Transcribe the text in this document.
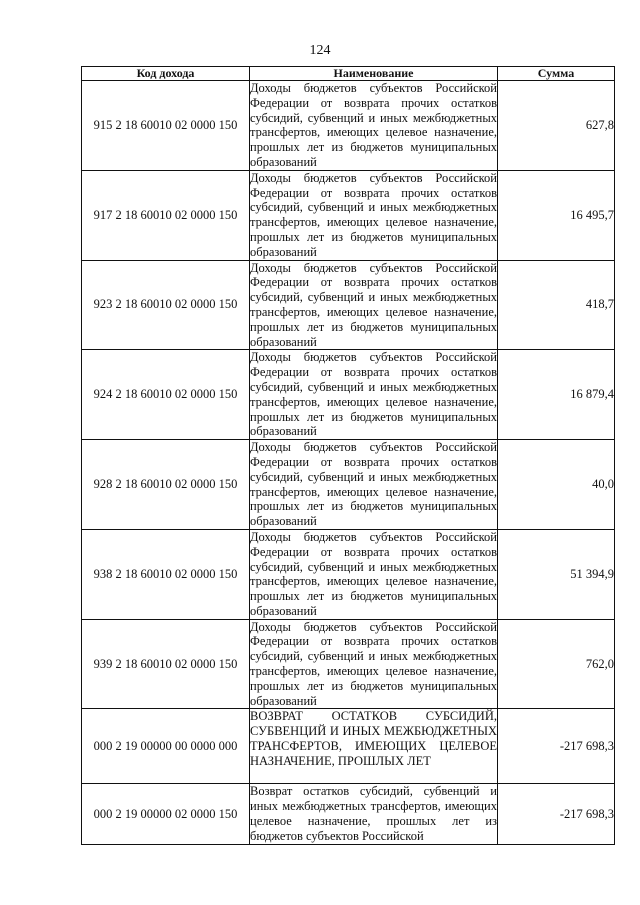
124
Код дохода	Наименование	Сумма
915 2 18 60010 02 0000 150	Доходы бюджетов субъектов Российской Федерации от возврата прочих остатков субсидий, субвенций и иных межбюджетных трансфертов, имеющих целевое назначение, прошлых лет из бюджетов муниципальных образований	627,8
917 2 18 60010 02 0000 150	Доходы бюджетов субъектов Российской Федерации от возврата прочих остатков субсидий, субвенций и иных межбюджетных трансфертов, имеющих целевое назначение, прошлых лет из бюджетов муниципальных образований	16 495,7
923 2 18 60010 02 0000 150	Доходы бюджетов субъектов Российской Федерации от возврата прочих остатков субсидий, субвенций и иных межбюджетных трансфертов, имеющих целевое назначение, прошлых лет из бюджетов муниципальных образований	418,7
924 2 18 60010 02 0000 150	Доходы бюджетов субъектов Российской Федерации от возврата прочих остатков субсидий, субвенций и иных межбюджетных трансфертов, имеющих целевое назначение, прошлых лет из бюджетов муниципальных образований	16 879,4
928 2 18 60010 02 0000 150	Доходы бюджетов субъектов Российской Федерации от возврата прочих остатков субсидий, субвенций и иных межбюджетных трансфертов, имеющих целевое назначение, прошлых лет из бюджетов муниципальных образований	40,0
938 2 18 60010 02 0000 150	Доходы бюджетов субъектов Российской Федерации от возврата прочих остатков субсидий, субвенций и иных межбюджетных трансфертов, имеющих целевое назначение, прошлых лет из бюджетов муниципальных образований	51 394,9
939 2 18 60010 02 0000 150	Доходы бюджетов субъектов Российской Федерации от возврата прочих остатков субсидий, субвенций и иных межбюджетных трансфертов, имеющих целевое назначение, прошлых лет из бюджетов муниципальных образований	762,0
000 2 19 00000 00 0000 000	ВОЗВРАТ ОСТАТКОВ СУБСИДИЙ, СУБВЕНЦИЙ И ИНЫХ МЕЖБЮДЖЕТНЫХ ТРАНСФЕРТОВ, ИМЕЮЩИХ ЦЕЛЕВОЕ НАЗНАЧЕНИЕ, ПРОШЛЫХ ЛЕТ	-217 698,3
000 2 19 00000 02 0000 150	Возврат остатков субсидий, субвенций и иных межбюджетных трансфертов, имеющих целевое назначение, прошлых лет из бюджетов субъектов Российской	-217 698,3
